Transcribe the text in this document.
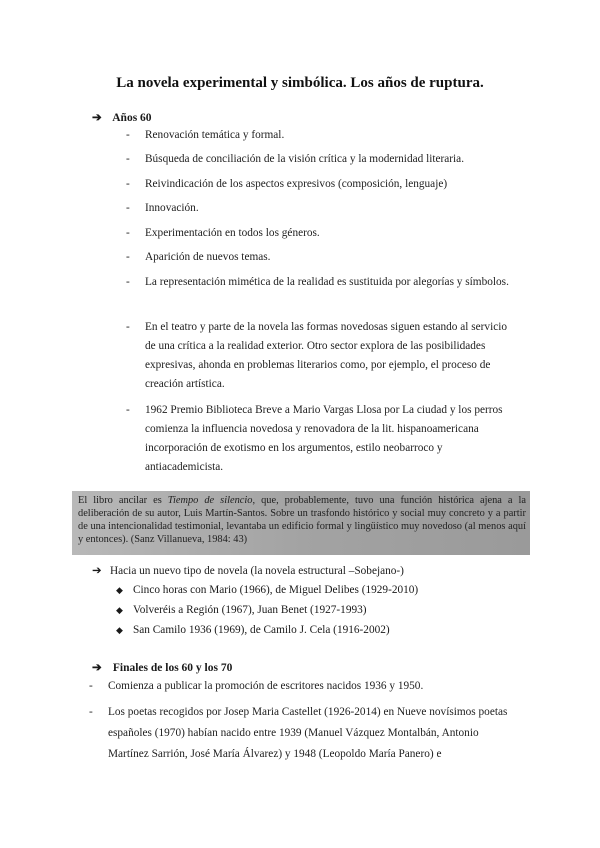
La novela experimental y simbólica. Los años de ruptura.
➔ Años 60
- Renovación temática y formal.
- Búsqueda de conciliación de la visión crítica y la modernidad literaria.
- Reivindicación de los aspectos expresivos (composición, lenguaje)
- Innovación.
- Experimentación en todos los géneros.
- Aparición de nuevos temas.
- La representación mimética de la realidad es sustituida por alegorías y símbolos.
- En el teatro y parte de la novela las formas novedosas siguen estando al servicio de una crítica a la realidad exterior. Otro sector explora de las posibilidades expresivas, ahonda en problemas literarios como, por ejemplo, el proceso de creación artística.
- 1962 Premio Biblioteca Breve a Mario Vargas Llosa por La ciudad y los perros comienza la influencia novedosa y renovadora de la lit. hispanoamericana incorporación de exotismo en los argumentos, estilo neobarroco y antiacademicista.
El libro ancilar es Tiempo de silencio, que, probablemente, tuvo una función histórica ajena a la deliberación de su autor, Luis Martín-Santos. Sobre un trasfondo histórico y social muy concreto y a partir de una intencionalidad testimonial, levantaba un edificio formal y lingüístico muy novedoso (al menos aquí y entonces). (Sanz Villanueva, 1984: 43)
➔ Hacia un nuevo tipo de novela (la novela estructural –Sobejano-)
◆ Cinco horas con Mario (1966), de Miguel Delibes (1929-2010)
◆ Volveréis a Región (1967), Juan Benet (1927-1993)
◆ San Camilo 1936 (1969), de Camilo J. Cela (1916-2002)
➔ Finales de los 60 y los 70
- Comienza a publicar la promoción de escritores nacidos 1936 y 1950.
- Los poetas recogidos por Josep Maria Castellet (1926-2014) en Nueve novísimos poetas españoles (1970) habían nacido entre 1939 (Manuel Vázquez Montalbán, Antonio Martínez Sarrión, José María Álvarez) y 1948 (Leopoldo María Panero) e
